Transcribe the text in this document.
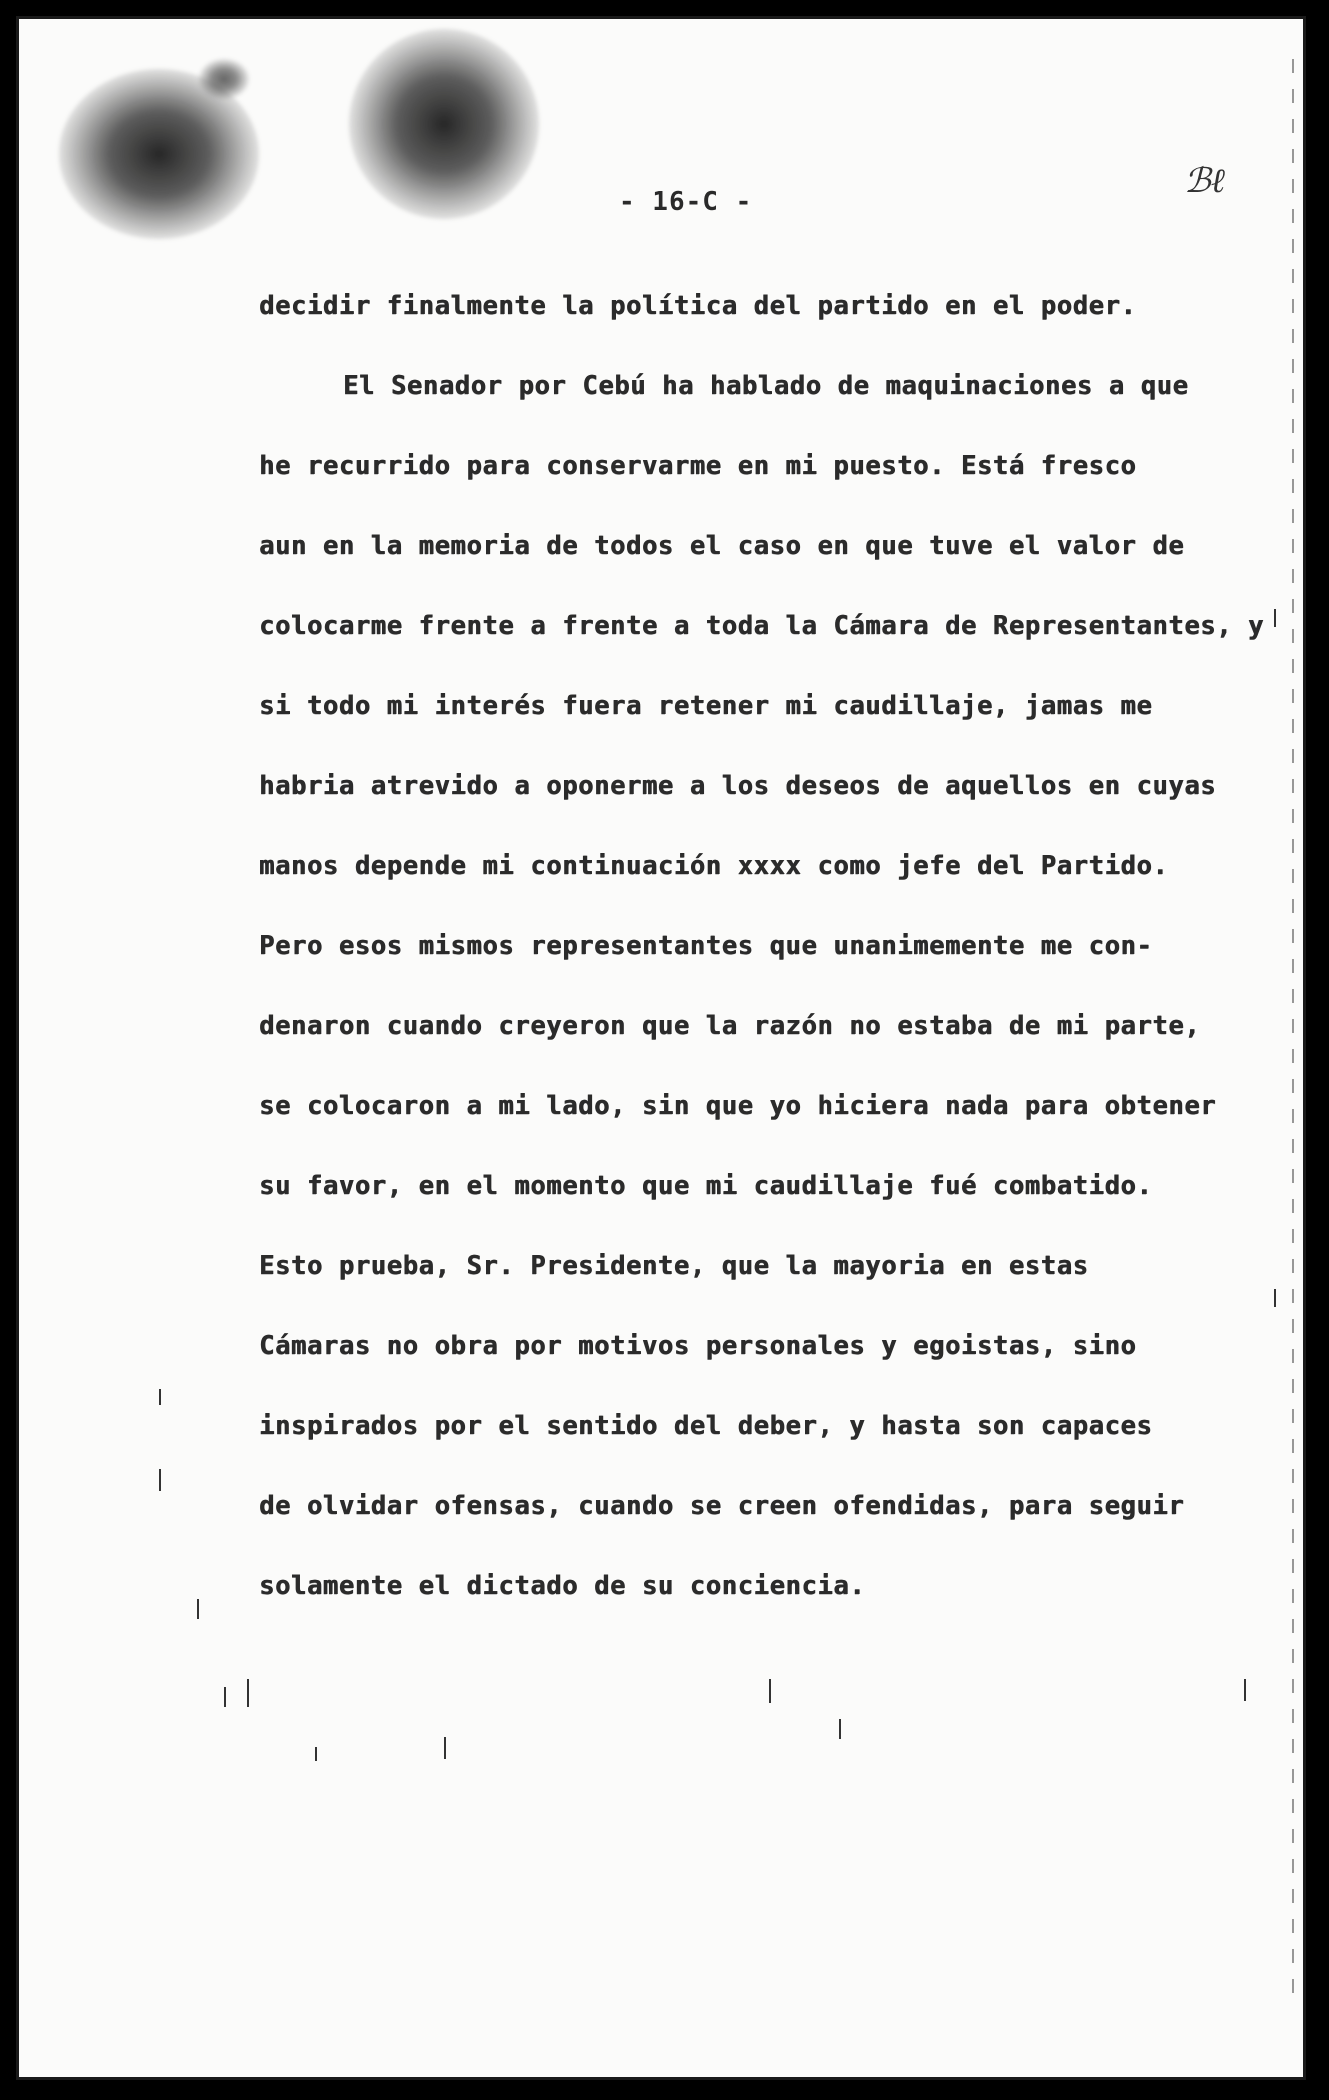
- 16-C -
ℬℓ
decidir finalmente la política del partido en el poder.
El Senador por Cebú ha hablado de maquinaciones a que
he recurrido para conservarme en mi puesto. Está fresco
aun en la memoria de todos el caso en que tuve el valor de
colocarme frente a frente a toda la Cámara de Representantes, y
si todo mi interés fuera retener mi caudillaje, jamas me
habria atrevido a oponerme a los deseos de aquellos en cuyas
manos depende mi continuación xxxx como jefe del Partido.
Pero esos mismos representantes que unanimemente me con-
denaron cuando creyeron que la razón no estaba de mi parte,
se colocaron a mi lado, sin que yo hiciera nada para obtener
su favor, en el momento que mi caudillaje fué combatido.
Esto prueba, Sr. Presidente, que la mayoria en estas
Cámaras no obra por motivos personales y egoistas, sino
inspirados por el sentido del deber, y hasta son capaces
de olvidar ofensas, cuando se creen ofendidas, para seguir
solamente el dictado de su conciencia.
